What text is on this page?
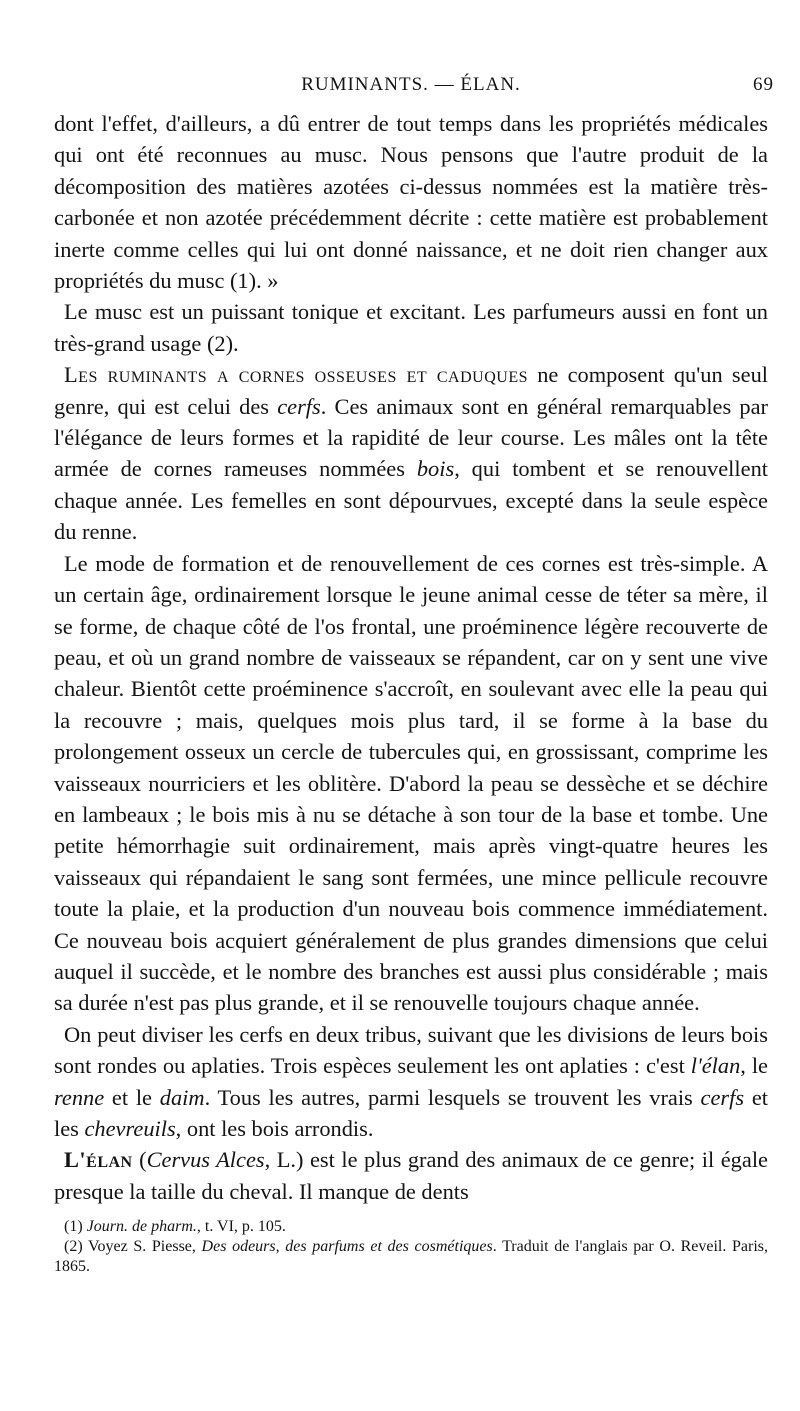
RUMINANTS. — ÉLAN.	69

dont l'effet, d'ailleurs, a dû entrer de tout temps dans les propriétés médicales qui ont été reconnues au musc. Nous pensons que l'autre produit de la décomposition des matières azotées ci-dessus nommées est la matière très-carbonée et non azotée précédemment décrite : cette matière est probablement inerte comme celles qui lui ont donné naissance, et ne doit rien changer aux propriétés du musc (1). »

Le musc est un puissant tonique et excitant. Les parfumeurs aussi en font un très-grand usage (2).

Les ruminants a cornes osseuses et caduques ne composent qu'un seul genre, qui est celui des cerfs. Ces animaux sont en général remarquables par l'élégance de leurs formes et la rapidité de leur course. Les mâles ont la tête armée de cornes rameuses nommées bois, qui tombent et se renouvellent chaque année. Les femelles en sont dépourvues, excepté dans la seule espèce du renne.

Le mode de formation et de renouvellement de ces cornes est très-simple. A un certain âge, ordinairement lorsque le jeune animal cesse de téter sa mère, il se forme, de chaque côté de l'os frontal, une proéminence légère recouverte de peau, et où un grand nombre de vaisseaux se répandent, car on y sent une vive chaleur. Bientôt cette proéminence s'accroît, en soulevant avec elle la peau qui la recouvre ; mais, quelques mois plus tard, il se forme à la base du prolongement osseux un cercle de tubercules qui, en grossissant, comprime les vaisseaux nourriciers et les oblitère. D'abord la peau se dessèche et se déchire en lambeaux ; le bois mis à nu se détache à son tour de la base et tombe. Une petite hémorrhagie suit ordinairement, mais après vingt-quatre heures les vaisseaux qui répandaient le sang sont fermées, une mince pellicule recouvre toute la plaie, et la production d'un nouveau bois commence immédiatement. Ce nouveau bois acquiert généralement de plus grandes dimensions que celui auquel il succède, et le nombre des branches est aussi plus considérable ; mais sa durée n'est pas plus grande, et il se renouvelle toujours chaque année.

On peut diviser les cerfs en deux tribus, suivant que les divisions de leurs bois sont rondes ou aplaties. Trois espèces seulement les ont aplaties : c'est l'élan, le renne et le daim. Tous les autres, parmi lesquels se trouvent les vrais cerfs et les chevreuils, ont les bois arrondis.

L'élan (Cervus Alces, L.) est le plus grand des animaux de ce genre; il égale presque la taille du cheval. Il manque de dents

(1) Journ. de pharm., t. VI, p. 105.

(2) Voyez S. Piesse, Des odeurs, des parfums et des cosmétiques. Traduit de l'anglais par O. Reveil. Paris, 1865.
